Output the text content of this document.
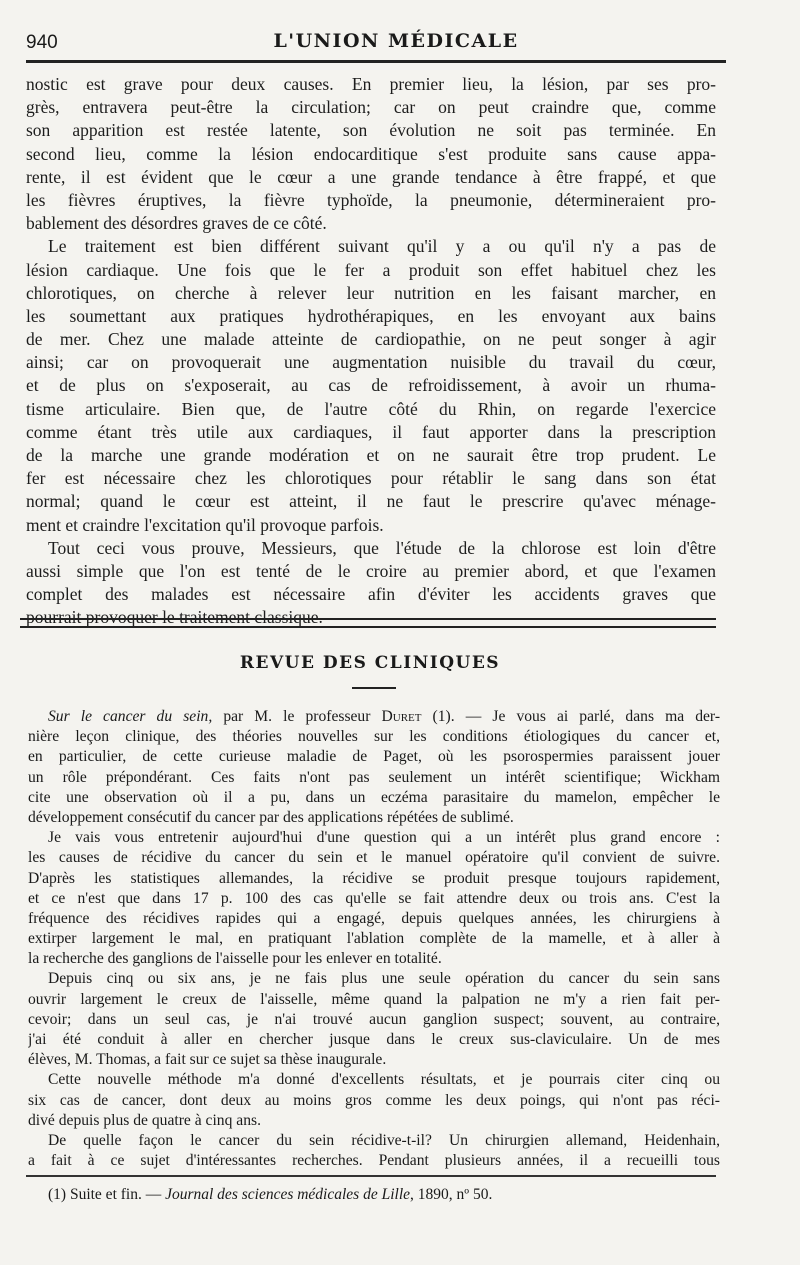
940	L'UNION MÉDICALE
nostic est grave pour deux causes. En premier lieu, la lésion, par ses pro-
grès, entravera peut-être la circulation; car on peut craindre que, comme
son apparition est restée latente, son évolution ne soit pas terminée. En
second lieu, comme la lésion endocarditique s'est produite sans cause appa-
rente, il est évident que le cœur a une grande tendance à être frappé, et que
les fièvres éruptives, la fièvre typhoïde, la pneumonie, détermineraient pro-
bablement des désordres graves de ce côté.
Le traitement est bien différent suivant qu'il y a ou qu'il n'y a pas de
lésion cardiaque. Une fois que le fer a produit son effet habituel chez les
chlorotiques, on cherche à relever leur nutrition en les faisant marcher, en
les soumettant aux pratiques hydrothérapiques, en les envoyant aux bains
de mer. Chez une malade atteinte de cardiopathie, on ne peut songer à agir
ainsi; car on provoquerait une augmentation nuisible du travail du cœur,
et de plus on s'exposerait, au cas de refroidissement, à avoir un rhuma-
tisme articulaire. Bien que, de l'autre côté du Rhin, on regarde l'exercice
comme étant très utile aux cardiaques, il faut apporter dans la prescription
de la marche une grande modération et on ne saurait être trop prudent. Le
fer est nécessaire chez les chlorotiques pour rétablir le sang dans son état
normal; quand le cœur est atteint, il ne faut le prescrire qu'avec ménage-
ment et craindre l'excitation qu'il provoque parfois.
Tout ceci vous prouve, Messieurs, que l'étude de la chlorose est loin d'être
aussi simple que l'on est tenté de le croire au premier abord, et que l'examen
complet des malades est nécessaire afin d'éviter les accidents graves que
pourrait provoquer le traitement classique.
REVUE DES CLINIQUES
Sur le cancer du sein, par M. le professeur Duret (1). — Je vous ai parlé, dans ma der-
nière leçon clinique, des théories nouvelles sur les conditions étiologiques du cancer et,
en particulier, de cette curieuse maladie de Paget, où les psorospermies paraissent jouer
un rôle prépondérant. Ces faits n'ont pas seulement un intérêt scientifique; Wickham
cite une observation où il a pu, dans un eczéma parasitaire du mamelon, empêcher le
développement consécutif du cancer par des applications répétées de sublimé.
Je vais vous entretenir aujourd'hui d'une question qui a un intérêt plus grand encore :
les causes de récidive du cancer du sein et le manuel opératoire qu'il convient de suivre.
D'après les statistiques allemandes, la récidive se produit presque toujours rapidement,
et ce n'est que dans 17 p. 100 des cas qu'elle se fait attendre deux ou trois ans. C'est la
fréquence des récidives rapides qui a engagé, depuis quelques années, les chirurgiens à
extirper largement le mal, en pratiquant l'ablation complète de la mamelle, et à aller à
la recherche des ganglions de l'aisselle pour les enlever en totalité.
Depuis cinq ou six ans, je ne fais plus une seule opération du cancer du sein sans
ouvrir largement le creux de l'aisselle, même quand la palpation ne m'y a rien fait per-
cevoir; dans un seul cas, je n'ai trouvé aucun ganglion suspect; souvent, au contraire,
j'ai été conduit à aller en chercher jusque dans le creux sus-claviculaire. Un de mes
élèves, M. Thomas, a fait sur ce sujet sa thèse inaugurale.
Cette nouvelle méthode m'a donné d'excellents résultats, et je pourrais citer cinq ou
six cas de cancer, dont deux au moins gros comme les deux poings, qui n'ont pas réci-
divé depuis plus de quatre à cinq ans.
De quelle façon le cancer du sein récidive-t-il? Un chirurgien allemand, Heidenhain,
a fait à ce sujet d'intéressantes recherches. Pendant plusieurs années, il a recueilli tous
(1) Suite et fin. — Journal des sciences médicales de Lille, 1890, nº 50.
